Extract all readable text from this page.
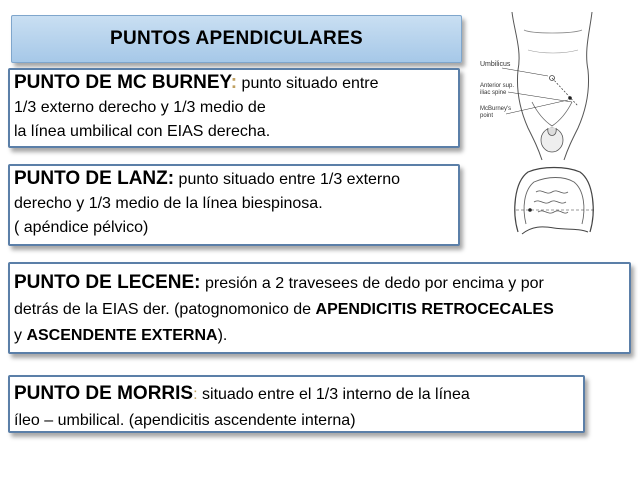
PUNTOS APENDICULARES
PUNTO DE MC BURNEY: punto situado entre
1/3 externo derecho y 1/3 medio de
la línea umbilical con EIAS derecha.
PUNTO DE LANZ: punto situado entre 1/3 externo
derecho y 1/3 medio de la línea biespinosa.
( apéndice pélvico)
PUNTO DE LECENE: presión a 2 travesees de dedo por encima y por
detrás de la EIAS der. (patognomonico de APENDICITIS RETROCECALES
y ASCENDENTE EXTERNA).
PUNTO DE MORRIS: situado entre el 1/3 interno de la línea
íleo – umbilical. (apendicitis ascendente interna)
Umbilicus
Anterior sup.
iliac spine
McBurney's
point
